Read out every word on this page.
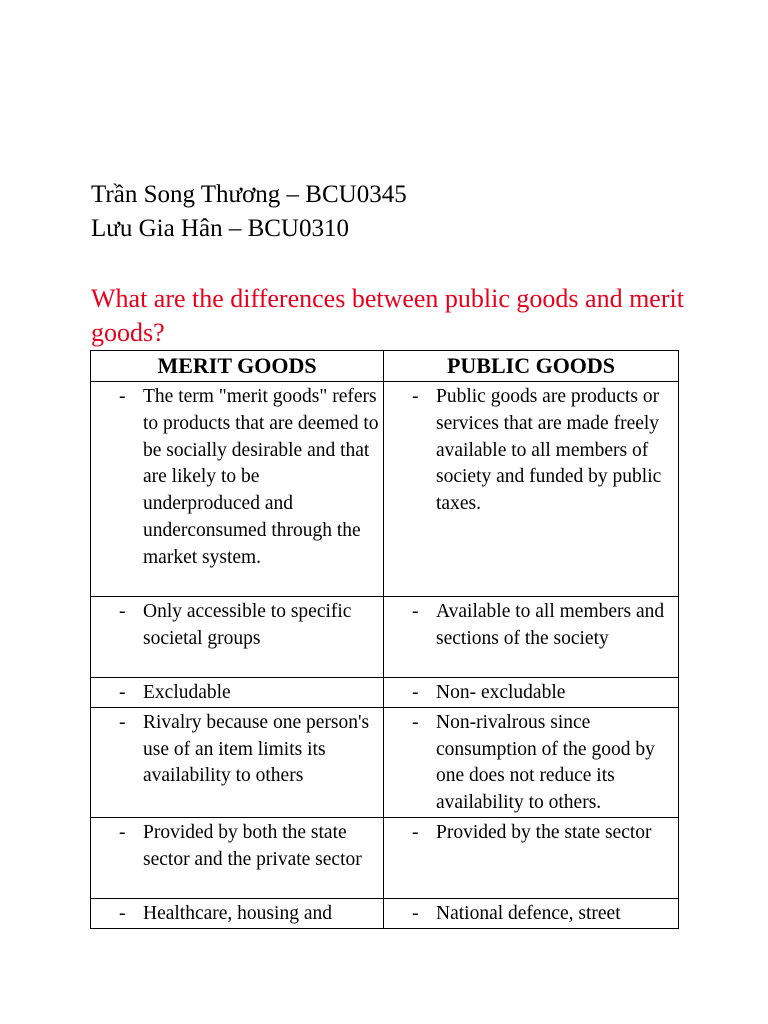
Trần Song Thương – BCU0345
Lưu Gia Hân – BCU0310
What are the differences between public goods and merit goods?
MERIT GOODS	PUBLIC GOODS

- The term "merit goods" refers to products that are deemed to be socially desirable and that are likely to be underproduced and underconsumed through the market system.	- Public goods are products or services that are made freely available to all members of society and funded by public taxes.

- Only accessible to specific societal groups	- Available to all members and sections of the society

- Excludable	- Non- excludable

- Rivalry because one person's use of an item limits its availability to others	- Non-rivalrous since consumption of the good by one does not reduce its availability to others.

- Provided by both the state sector and the private sector	- Provided by the state sector

- Healthcare, housing and	- National defence, street
